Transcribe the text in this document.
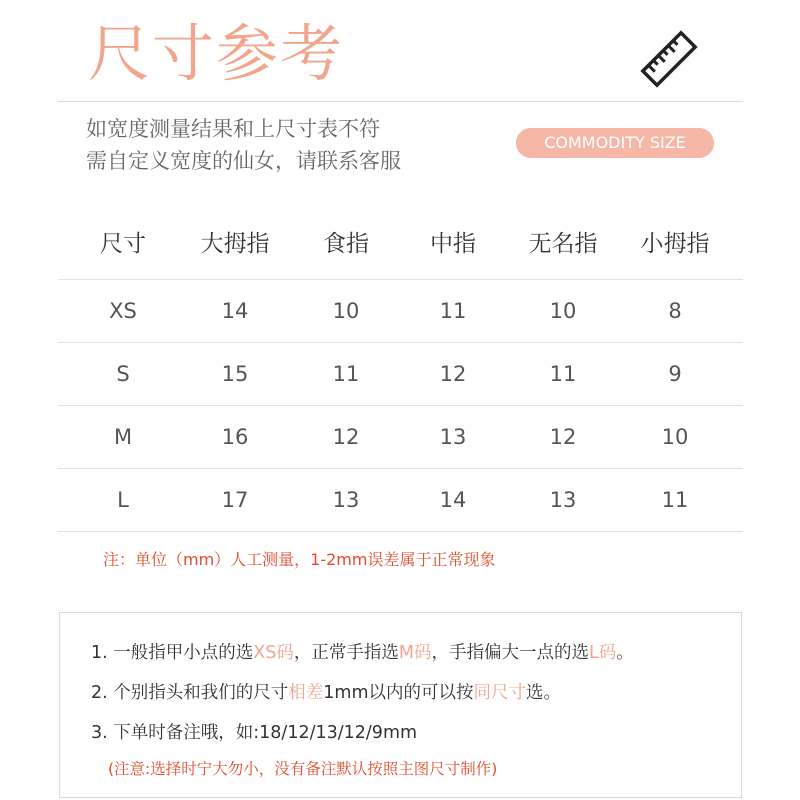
尺寸参考
如宽度测量结果和上尺寸表不符
需自定义宽度的仙女，请联系客服
COMMODITY SIZE
尺寸	大拇指	食指	中指	无名指	小拇指
XS	14	10	11	10	8
S	15	11	12	11	9
M	16	12	13	12	10
L	17	13	14	13	11
注：单位（mm）人工测量，1-2mm误差属于正常现象
1. 一般指甲小点的选XS码，正常手指选M码，手指偏大一点的选L码。
2. 个别指头和我们的尺寸相差1mm以内的可以按同尺寸选。
3. 下单时备注哦，如:18/12/13/12/9mm
(注意:选择时宁大勿小，没有备注默认按照主图尺寸制作)
